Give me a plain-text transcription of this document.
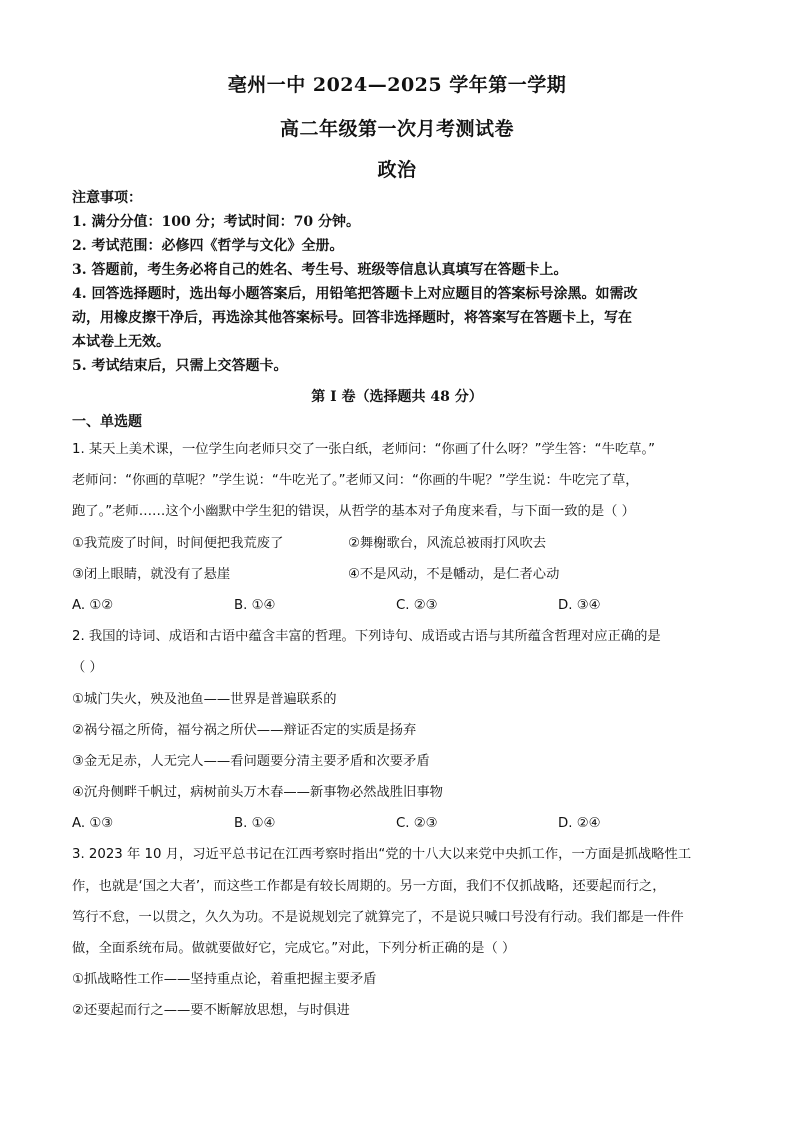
亳州一中 2024—2025 学年第一学期
高二年级第一次月考测试卷
政治
注意事项：
1. 满分分值：100 分；考试时间：70 分钟。
2. 考试范围：必修四《哲学与文化》全册。
3. 答题前，考生务必将自己的姓名、考生号、班级等信息认真填写在答题卡上。
4. 回答选择题时，选出每小题答案后，用铅笔把答题卡上对应题目的答案标号涂黑。如需改
动，用橡皮擦干净后，再选涂其他答案标号。回答非选择题时，将答案写在答题卡上，写在
本试卷上无效。
5. 考试结束后，只需上交答题卡。
第 I 卷（选择题共 48 分）
一、单选题
1. 某天上美术课，一位学生向老师只交了一张白纸，老师问：“你画了什么呀？”学生答：“牛吃草。”
老师问：“你画的草呢？”学生说：“牛吃光了。”老师又问：“你画的牛呢？”学生说：牛吃完了草，
跑了。”老师……这个小幽默中学生犯的错误，从哲学的基本对子角度来看，与下面一致的是（ ）
①我荒废了时间，时间便把我荒废了	②舞榭歌台，风流总被雨打风吹去
③闭上眼睛，就没有了悬崖	④不是风动，不是幡动，是仁者心动
A. ①②	B. ①④	C. ②③	D. ③④
2. 我国的诗词、成语和古语中蕴含丰富的哲理。下列诗句、成语或古语与其所蕴含哲理对应正确的是
（ ）
①城门失火，殃及池鱼——世界是普遍联系的
②祸兮福之所倚，福兮祸之所伏——辩证否定的实质是扬弃
③金无足赤，人无完人——看问题要分清主要矛盾和次要矛盾
④沉舟侧畔千帆过，病树前头万木春——新事物必然战胜旧事物
A. ①③	B. ①④	C. ②③	D. ②④
3. 2023 年 10 月，习近平总书记在江西考察时指出“党的十八大以来党中央抓工作，一方面是抓战略性工
作，也就是‘国之大者’，而这些工作都是有较长周期的。另一方面，我们不仅抓战略，还要起而行之，
笃行不怠，一以贯之，久久为功。不是说规划完了就算完了，不是说只喊口号没有行动。我们都是一件件
做，全面系统布局。做就要做好它，完成它。”对此，下列分析正确的是（ ）
①抓战略性工作——坚持重点论，着重把握主要矛盾
②还要起而行之——要不断解放思想，与时俱进
